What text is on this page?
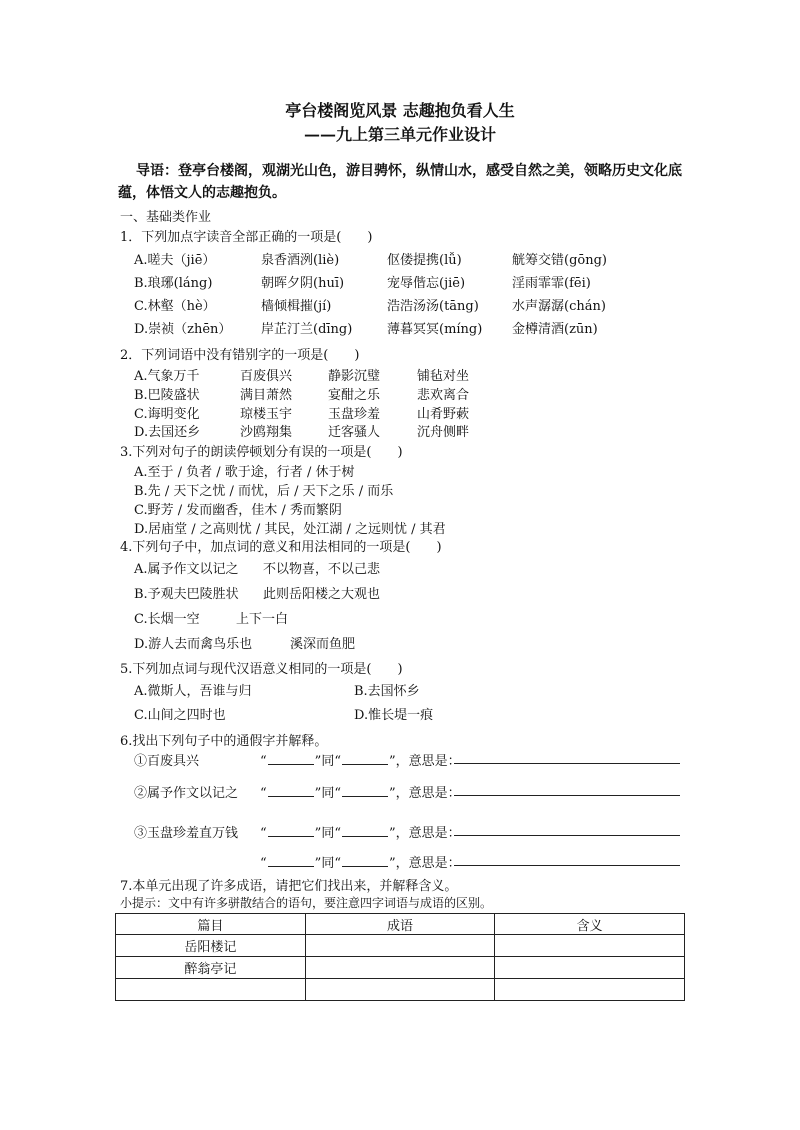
亭台楼阁览风景 志趣抱负看人生
——九上第三单元作业设计
导语：登亭台楼阁，观湖光山色，游目骋怀，纵情山水，感受自然之美，领略历史文化底蕴，体悟文人的志趣抱负。
一、基础类作业
1．下列加点字读音全部正确的一项是(　　)
A.嗟夫（jiē）	泉香酒洌(liè)	伛偻提携(lǚ)	觥筹交错(gōng)
B.琅琊(láng)	朝晖夕阴(huī)	宠辱偕忘(jiē)	淫雨霏霏(fēi)
C.林壑（hè）	樯倾楫摧(jí)	浩浩汤汤(tāng)	水声潺潺(chán)
D.崇祯（zhēn） 岸芷汀兰(dīng)	薄暮冥冥(míng) 金樽清酒(zūn)
2．下列词语中没有错别字的一项是(　　)
A.气象万千	百废俱兴	静影沉璧	铺毡对坐
B.巴陵盛状	满目萧然	宴酣之乐	悲欢离合
C.诲明变化	琼楼玉宇	玉盘珍羞	山肴野蔌
D.去国还乡	沙鸥翔集	迁客骚人	沉舟侧畔
3.下列对句子的朗读停顿划分有误的一项是(　　)
A.至于 / 负者 / 歌于途，行者 / 休于树
B.先 / 天下之忧 / 而忧，后 / 天下之乐 / 而乐
C.野芳 / 发而幽香，佳木 / 秀而繁阴
D.居庙堂 / 之高则忧 / 其民，处江湖 / 之远则忧 / 其君
4.下列句子中，加点词的意义和用法相同的一项是(　　)
A.属予作文以记之 不以物喜，不以己悲
B.予观夫巴陵胜状 此则岳阳楼之大观也
C.长烟一空	上下一白
D.游人去而禽鸟乐也	溪深而鱼肥
5.下列加点词与现代汉语意义相同的一项是(　　)
A.微斯人，吾谁与归	B.去国怀乡
C.山间之四时也	D.惟长堤一痕
6.找出下列句子中的通假字并解释。
①百废具兴	“	”同“	”，意思是：
②属予作文以记之 “	”同“	”，意思是：
③玉盘珍羞直万钱 “	”同“	”，意思是：
“	”同“	”，意思是：
7.本单元出现了许多成语，请把它们找出来，并解释含义。
小提示：文中有许多骈散结合的语句，要注意四字词语与成语的区别。
篇目	成语	含义
岳阳楼记		
醉翁亭记		
